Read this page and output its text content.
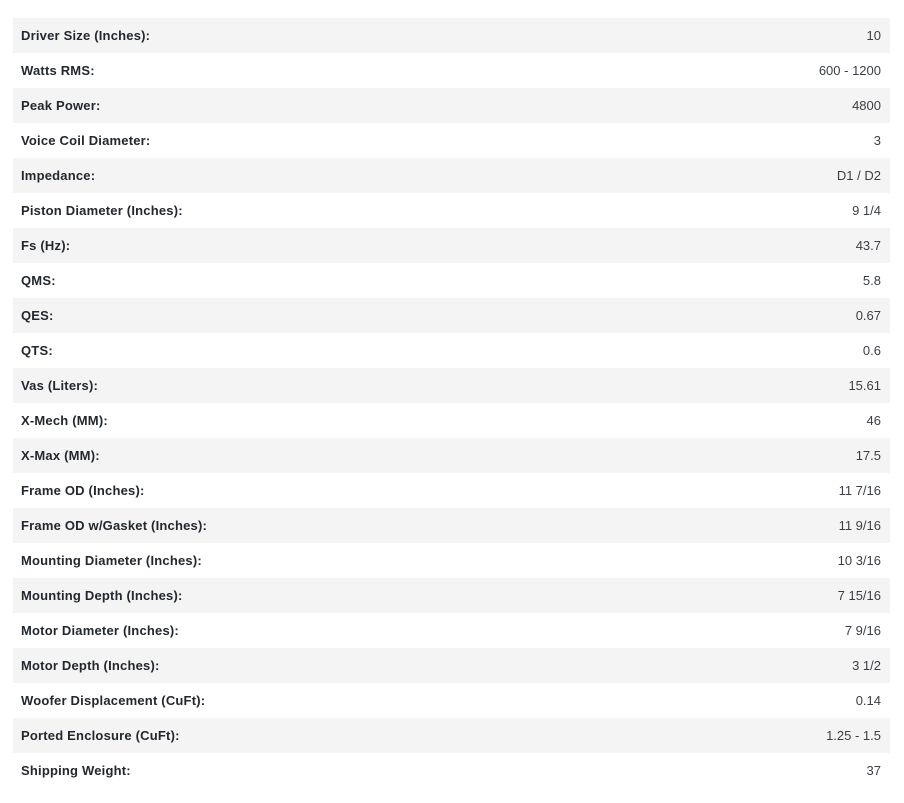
Driver Size (Inches):	10
Watts RMS:	600 - 1200
Peak Power:	4800
Voice Coil Diameter:	3
Impedance:	D1 / D2
Piston Diameter (Inches):	9 1/4
Fs (Hz):	43.7
QMS:	5.8
QES:	0.67
QTS:	0.6
Vas (Liters):	15.61
X-Mech (MM):	46
X-Max (MM):	17.5
Frame OD (Inches):	11 7/16
Frame OD w/Gasket (Inches):	11 9/16
Mounting Diameter (Inches):	10 3/16
Mounting Depth (Inches):	7 15/16
Motor Diameter (Inches):	7 9/16
Motor Depth (Inches):	3 1/2
Woofer Displacement (CuFt):	0.14
Ported Enclosure (CuFt):	1.25 - 1.5
Shipping Weight:	37
